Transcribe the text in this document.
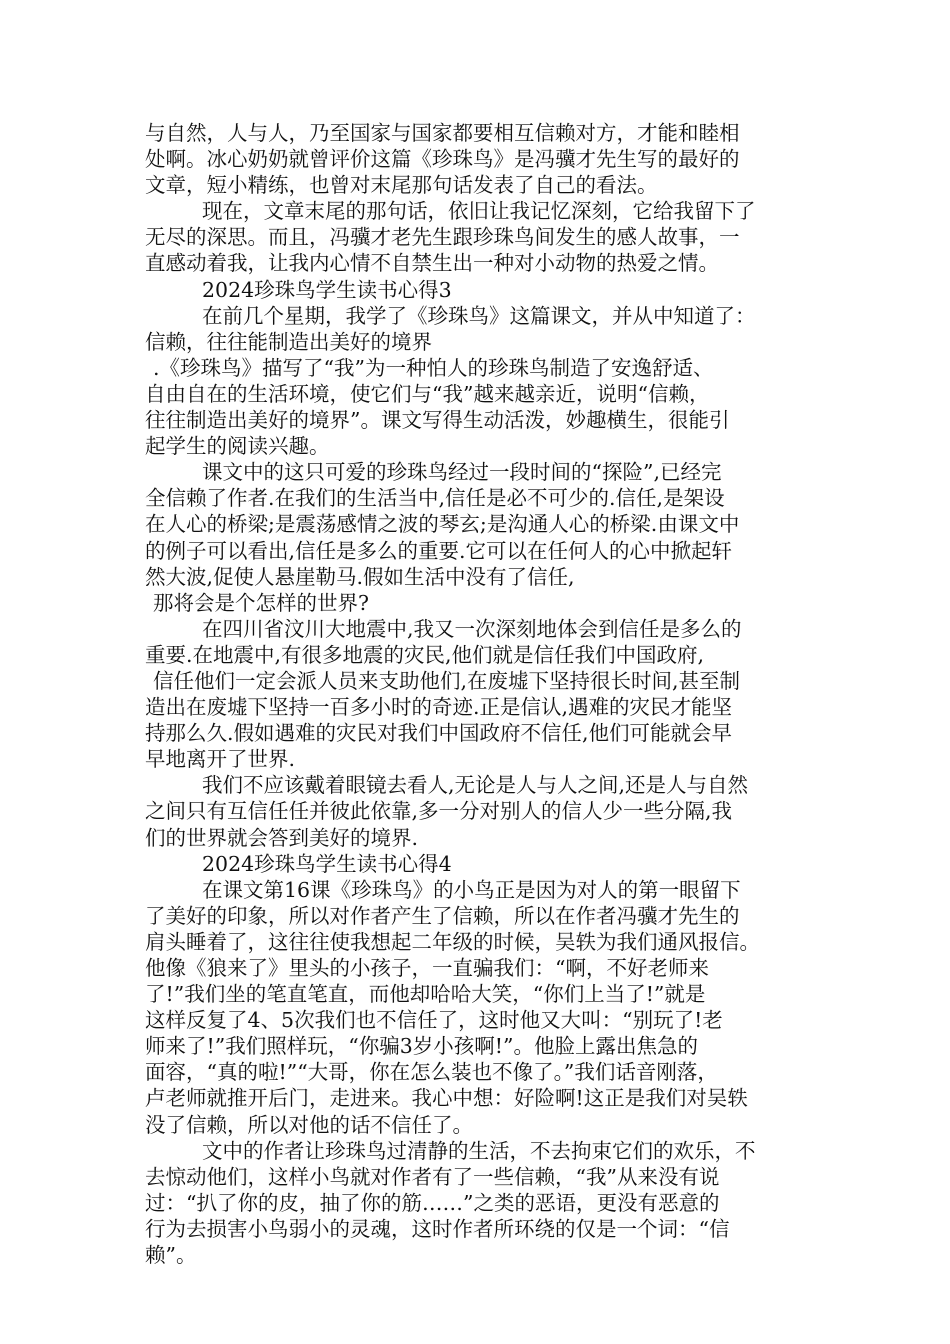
与自然，人与人，乃至国家与国家都要相互信赖对方，才能和睦相
处啊。冰心奶奶就曾评价这篇《珍珠鸟》是冯骥才先生写的最好的
文章，短小精练，也曾对末尾那句话发表了自己的看法。
现在，文章末尾的那句话，依旧让我记忆深刻，它给我留下了
无尽的深思。而且，冯骥才老先生跟珍珠鸟间发生的感人故事，一
直感动着我，让我内心情不自禁生出一种对小动物的热爱之情。
2024珍珠鸟学生读书心得3
在前几个星期，我学了《珍珠鸟》这篇课文，并从中知道了：
信赖，往往能制造出美好的境界
.《珍珠鸟》描写了“我”为一种怕人的珍珠鸟制造了安逸舒适、
自由自在的生活环境，使它们与“我”越来越亲近，说明“信赖，
往往制造出美好的境界”。课文写得生动活泼，妙趣横生，很能引
起学生的阅读兴趣。
课文中的这只可爱的珍珠鸟经过一段时间的“探险”,已经完
全信赖了作者.在我们的生活当中,信任是必不可少的.信任,是架设
在人心的桥梁;是震荡感情之波的琴玄;是沟通人心的桥梁.由课文中
的例子可以看出,信任是多么的重要.它可以在任何人的心中掀起轩
然大波,促使人悬崖勒马.假如生活中没有了信任,
那将会是个怎样的世界?
在四川省汶川大地震中,我又一次深刻地体会到信任是多么的
重要.在地震中,有很多地震的灾民,他们就是信任我们中国政府,
信任他们一定会派人员来支助他们,在废墟下坚持很长时间,甚至制
造出在废墟下坚持一百多小时的奇迹.正是信认,遇难的灾民才能坚
持那么久.假如遇难的灾民对我们中国政府不信任,他们可能就会早
早地离开了世界.
我们不应该戴着眼镜去看人,无论是人与人之间,还是人与自然
之间只有互信任任并彼此依靠,多一分对别人的信人少一些分隔,我
们的世界就会答到美好的境界.
2024珍珠鸟学生读书心得4
在课文第16课《珍珠鸟》的小鸟正是因为对人的第一眼留下
了美好的印象，所以对作者产生了信赖，所以在作者冯骥才先生的
肩头睡着了，这往往使我想起二年级的时候，吴轶为我们通风报信。
他像《狼来了》里头的小孩子，一直骗我们：“啊，不好老师来
了!”我们坐的笔直笔直，而他却哈哈大笑，“你们上当了!”就是
这样反复了4、5次我们也不信任了，这时他又大叫：“别玩了!老
师来了!”我们照样玩，“你骗3岁小孩啊!”。他脸上露出焦急的
面容，“真的啦!”“大哥，你在怎么装也不像了。”我们话音刚落，
卢老师就推开后门，走进来。我心中想：好险啊!这正是我们对吴轶
没了信赖，所以对他的话不信任了。
文中的作者让珍珠鸟过清静的生活，不去拘束它们的欢乐，不
去惊动他们，这样小鸟就对作者有了一些信赖，“我”从来没有说
过：“扒了你的皮，抽了你的筋……”之类的恶语，更没有恶意的
行为去损害小鸟弱小的灵魂，这时作者所环绕的仅是一个词：“信
赖”。
